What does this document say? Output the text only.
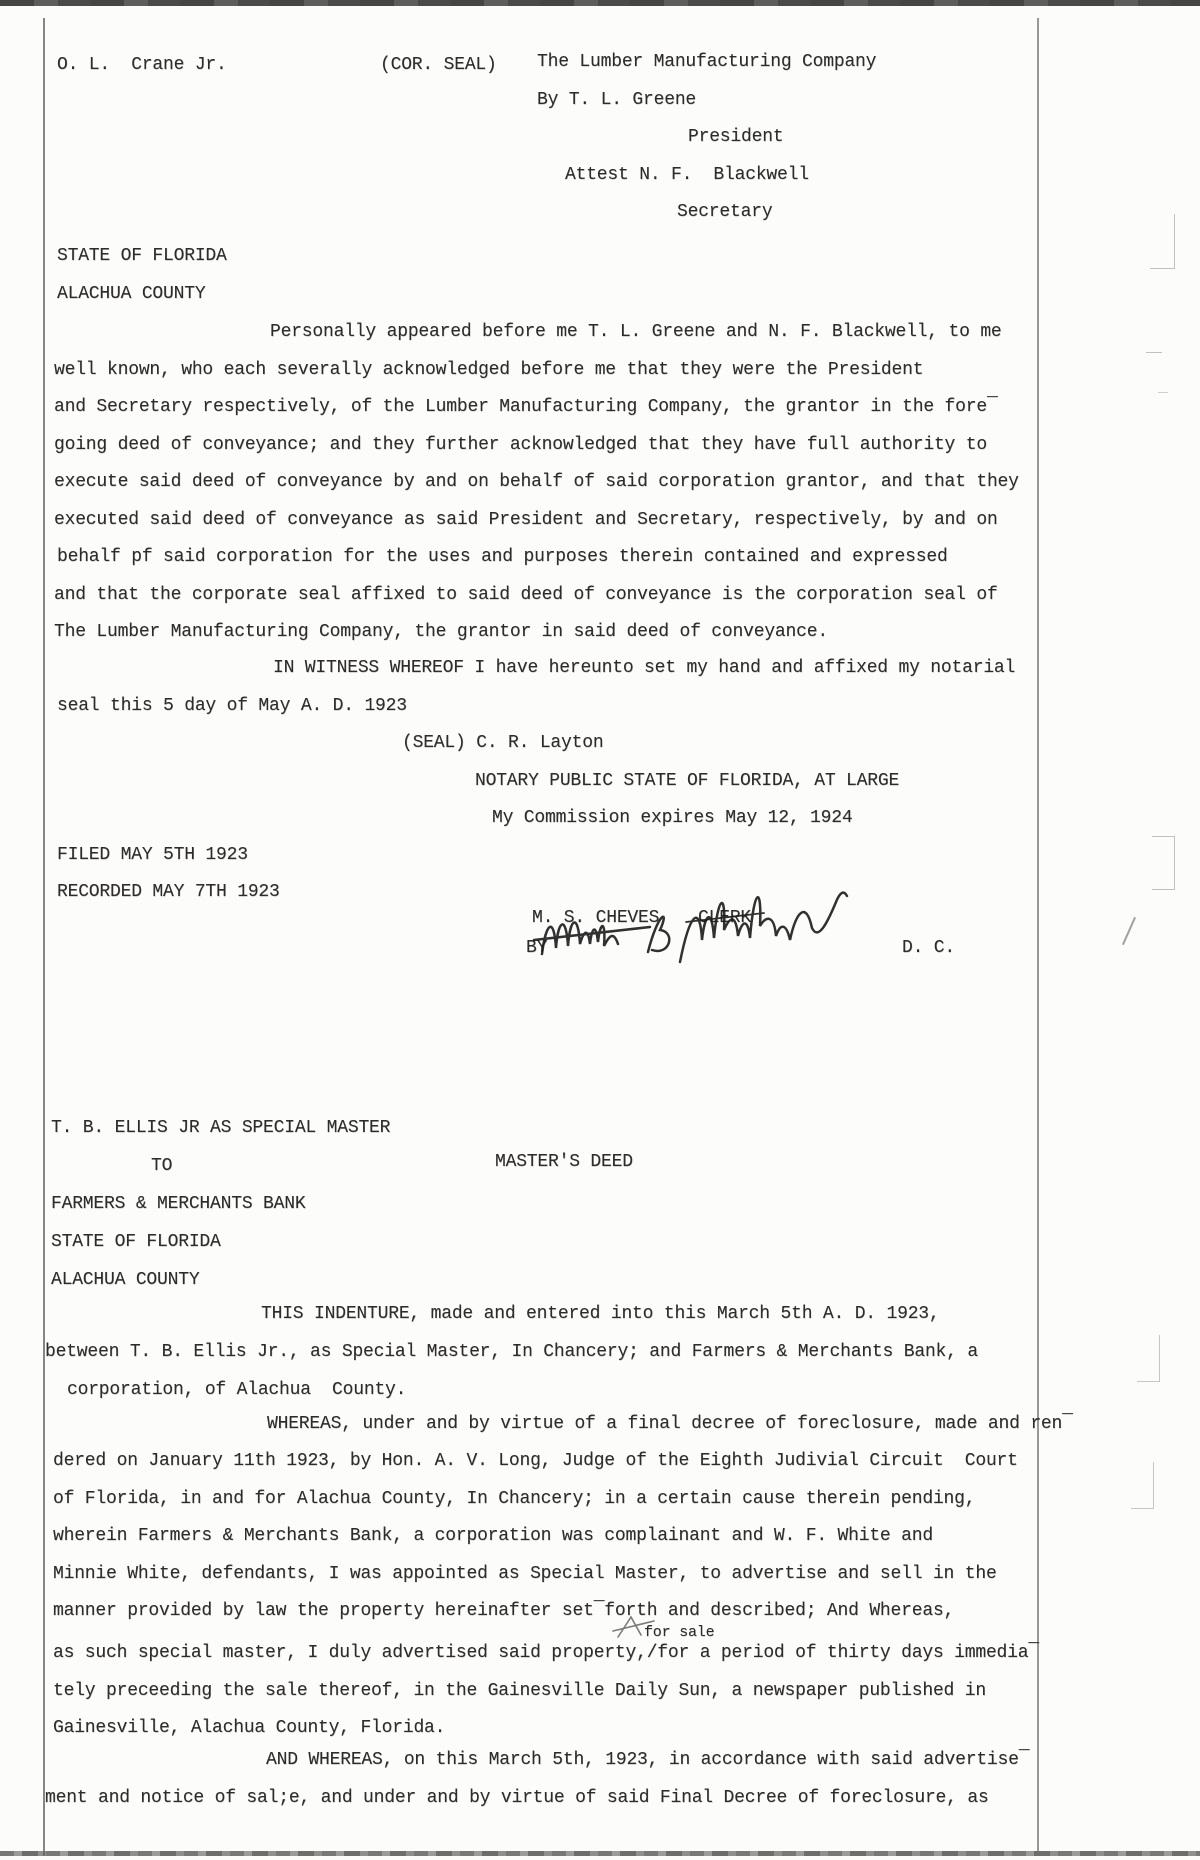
O. L.  Crane Jr.	(COR. SEAL) The Lumber Manufacturing Company
By T. L. Greene
President
Attest N. F.  Blackwell
Secretary
STATE OF FLORIDA
ALACHUA COUNTY
Personally appeared before me T. L. Greene and N. F. Blackwell, to me
well known, who each severally acknowledged before me that they were the President
and Secretary respectively, of the Lumber Manufacturing Company, the grantor in the fore¯
going deed of conveyance; and they further acknowledged that they have full authority to
execute said deed of conveyance by and on behalf of said corporation grantor, and that they
executed said deed of conveyance as said President and Secretary, respectively, by and on
behalf pf said corporation for the uses and purposes therein contained and expressed
and that the corporate seal affixed to said deed of conveyance is the corporation seal of
The Lumber Manufacturing Company, the grantor in said deed of conveyance.
IN WITNESS WHEREOF I have hereunto set my hand and affixed my notarial
seal this 5 day of May A. D. 1923
(SEAL) C. R. Layton
NOTARY PUBLIC STATE OF FLORIDA, AT LARGE
My Commission expires May 12, 1924
FILED MAY 5TH 1923
RECORDED MAY 7TH 1923
M. S. CHEVES CLERK
BY	D. C.
T. B. ELLIS JR AS SPECIAL MASTER
TO	MASTER'S DEED
FARMERS & MERCHANTS BANK
STATE OF FLORIDA
ALACHUA COUNTY
THIS INDENTURE, made and entered into this March 5th A. D. 1923,
between T. B. Ellis Jr., as Special Master, In Chancery; and Farmers & Merchants Bank, a
corporation, of Alachua  County.
WHEREAS, under and by virtue of a final decree of foreclosure, made and ren¯
dered on January 11th 1923, by Hon. A. V. Long, Judge of the Eighth Judivial Circuit  Court
of Florida, in and for Alachua County, In Chancery; in a certain cause therein pending,
wherein Farmers & Merchants Bank, a corporation was complainant and W. F. White and
Minnie White, defendants, I was appointed as Special Master, to advertise and sell in the
manner provided by law the property hereinafter set¯forth and described; And Whereas,
for sale
as such special master, I duly advertised said property,/for a period of thirty days immedia¯
tely preceeding the sale thereof, in the Gainesville Daily Sun, a newspaper published in
Gainesville, Alachua County, Florida.
AND WHEREAS, on this March 5th, 1923, in accordance with said advertise¯
ment and notice of sal;e, and under and by virtue of said Final Decree of foreclosure, as
